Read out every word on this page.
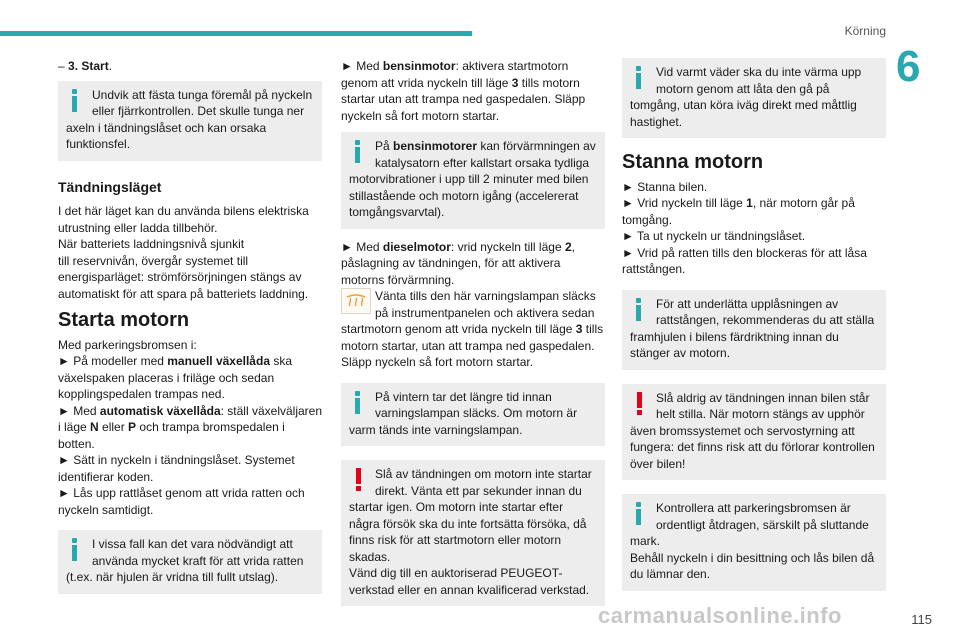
Körning
6
– 3. Start.
Undvik att fästa tunga föremål på nyckeln eller fjärrkontrollen. Det skulle tunga ner axeln i tändningslåset och kan orsaka funktionsfel.
Tändningsläget
I det här läget kan du använda bilens elektriska utrustning eller ladda tillbehör.
När batteriets laddningsnivå sjunkit
till reservnivån, övergår systemet till energisparläget: strömförsörjningen stängs av automatiskt för att spara på batteriets laddning.
Starta motorn
Med parkeringsbromsen i:
► På modeller med manuell växellåda ska växelspaken placeras i friläge och sedan kopplingspedalen trampas ned.
► Med automatisk växellåda: ställ växelväljaren i läge N eller P och trampa bromspedalen i botten.
► Sätt in nyckeln i tändningslåset. Systemet identifierar koden.
► Lås upp rattlåset genom att vrida ratten och nyckeln samtidigt.
I vissa fall kan det vara nödvändigt att använda mycket kraft för att vrida ratten (t.ex. när hjulen är vridna till fullt utslag).
► Med bensinmotor: aktivera startmotorn genom att vrida nyckeln till läge 3 tills motorn startar utan att trampa ned gaspedalen. Släpp nyckeln så fort motorn startar.
På bensinmotorer kan förvärmningen av katalysatorn efter kallstart orsaka tydliga motorvibrationer i upp till 2 minuter med bilen stillastående och motorn igång (accelererat tomgångsvarvtal).
► Med dieselmotor: vrid nyckeln till läge 2, påslagning av tändningen, för att aktivera motorns förvärmning.
Vänta tills den här varningslampan släcks på instrumentpanelen och aktivera sedan startmotorn genom att vrida nyckeln till läge 3 tills motorn startar, utan att trampa ned gaspedalen. Släpp nyckeln så fort motorn startar.
På vintern tar det längre tid innan varningslampan släcks. Om motorn är varm tänds inte varningslampan.
Slå av tändningen om motorn inte startar direkt. Vänta ett par sekunder innan du startar igen. Om motorn inte startar efter några försök ska du inte fortsätta försöka, då finns risk för att startmotorn eller motorn skadas.
Vänd dig till en auktoriserad PEUGEOT-verkstad eller en annan kvalificerad verkstad.
Vid varmt väder ska du inte värma upp motorn genom att låta den gå på tomgång, utan köra iväg direkt med måttlig hastighet.
Stanna motorn
► Stanna bilen.
► Vrid nyckeln till läge 1, när motorn går på tomgång.
► Ta ut nyckeln ur tändningslåset.
► Vrid på ratten tills den blockeras för att låsa rattstången.
För att underlätta upplåsningen av rattstången, rekommenderas du att ställa framhjulen i bilens färdriktning innan du stänger av motorn.
Slå aldrig av tändningen innan bilen står helt stilla. När motorn stängs av upphör även bromssystemet och servostyrning att fungera: det finns risk att du förlorar kontrollen över bilen!
Kontrollera att parkeringsbromsen är ordentligt åtdragen, särskilt på sluttande mark.
Behåll nyckeln i din besittning och lås bilen då du lämnar den.
carmanualsonline.info	115
